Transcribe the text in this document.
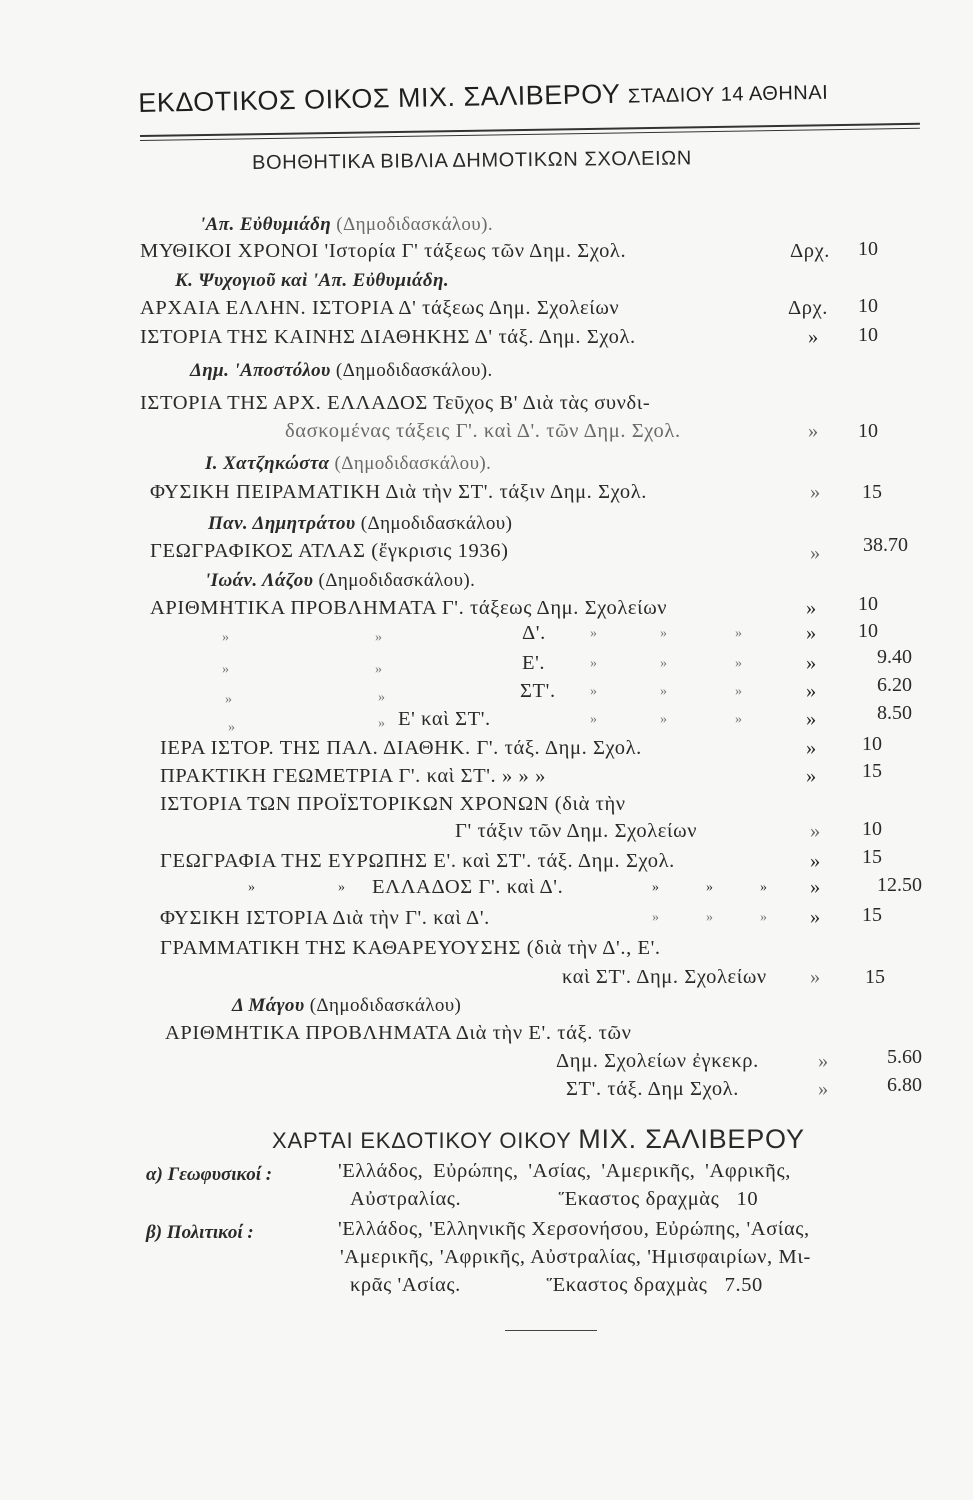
ΕΚΔΟΤΙΚΟΣ ΟΙΚΟΣ ΜΙΧ. ΣΑΛΙΒΕΡΟΥ ΣΤΑΔΙΟΥ 14 ΑΘΗΝΑΙ
ΒΟΗΘΗΤΙΚΑ ΒΙΒΛΙΑ ΔΗΜΟΤΙΚΩΝ ΣΧΟΛΕΙΩΝ
'Απ. Εὐθυμιάδη (Δημοδιδασκάλου).
ΜΥΘΙΚΟΙ ΧΡΟΝΟΙ 'Ιστορία Γ' τάξεως τῶν Δημ. Σχολ.	Δρχ.	10
Κ. Ψυχογιοῦ καὶ 'Απ. Εὐθυμιάδη.
ΑΡΧΑΙΑ ΕΛΛΗΝ. ΙΣΤΟΡΙΑ Δ' τάξεως Δημ. Σχολείων	Δρχ.	10
ΙΣΤΟΡΙΑ ΤΗΣ ΚΑΙΝΗΣ ΔΙΑΘΗΚΗΣ Δ' τάξ. Δημ. Σχολ.	»	10
Δημ. 'Αποστόλου (Δημοδιδασκάλου).
ΙΣΤΟΡΙΑ ΤΗΣ ΑΡΧ. ΕΛΛΑΔΟΣ Τεῦχος Β' Διὰ τὰς συνδι-
δασκομένας τάξεις Γ'. καὶ Δ'. τῶν Δημ. Σχολ.	»	10
Ι. Χατζηκώστα (Δημοδιδασκάλου).
ΦΥΣΙΚΗ ΠΕΙΡΑΜΑΤΙΚΗ Διὰ τὴν ΣΤ'. τάξιν Δημ. Σχολ.	»	15
Παν. Δημητράτου (Δημοδιδασκάλου)
ΓΕΩΓΡΑΦΙΚΟΣ ΑΤΛΑΣ (ἔγκρισις 1936)	»	38.70
'Ιωάν. Λάζου (Δημοδιδασκάλου).
ΑΡΙΘΜΗΤΙΚΑ ΠΡΟΒΛΗΜΑΤΑ Γ'. τάξεως Δημ. Σχολείων	»	10
»	»	Δ'.	»	»	»	»	10
»	»	Ε'.	»	»	»	»	9.40
»	»	ΣΤ'. »	»	»	»	6.20
»	» Ε' καὶ ΣΤ'.	»	»	»	»	8.50
ΙΕΡΑ ΙΣΤΟΡ. ΤΗΣ ΠΑΛ. ΔΙΑΘΗΚ. Γ'. τάξ. Δημ. Σχολ.	»	10
ΠΡΑΚΤΙΚΗ ΓΕΩΜΕΤΡΙΑ Γ'. καὶ ΣΤ'. » » »	»	15
ΙΣΤΟΡΙΑ ΤΩΝ ΠΡΟΪΣΤΟΡΙΚΩΝ ΧΡΟΝΩΝ (διὰ τὴν
Γ' τάξιν τῶν Δημ. Σχολείων	»	10
ΓΕΩΓΡΑΦΙΑ ΤΗΣ ΕΥΡΩΠΗΣ Ε'. καὶ ΣΤ'. τάξ. Δημ. Σχολ.	»	15
»	» ΕΛΛΑΔΟΣ Γ'. καὶ Δ'.	»	»	» »	12.50
ΦΥΣΙΚΗ ΙΣΤΟΡΙΑ Διὰ τὴν Γ'. καὶ Δ'.	»	»	» »	15
ΓΡΑΜΜΑΤΙΚΗ ΤΗΣ ΚΑΘΑΡΕΥΟΥΣΗΣ (διὰ τὴν Δ'., Ε'.
καὶ ΣΤ'. Δημ. Σχολείων »	15
Δ Μάγου (Δημοδιδασκάλου)
ΑΡΙΘΜΗΤΙΚΑ ΠΡΟΒΛΗΜΑΤΑ Διὰ τὴν Ε'. τάξ. τῶν
Δημ. Σχολείων ἐγκεκρ.	»	5.60
ΣΤ'. τάξ. Δημ Σχολ.	»	6.80
ΧΑΡΤΑΙ ΕΚΔΟΤΙΚΟΥ ΟΙΚΟΥ ΜΙΧ. ΣΑΛΙΒΕΡΟΥ
α) Γεωφυσικοί :	'Ελλάδος, Εὐρώπης, 'Ασίας, 'Αμερικῆς, 'Αφρικῆς,
Αὐστραλίας.                 Ἕκαστος δραχμὰς   10
β) Πολιτικοί :	'Ελλάδος, 'Ελληνικῆς Χερσονήσου, Εὐρώπης, 'Ασίας,
'Αμερικῆς, 'Αφρικῆς, Αὐστραλίας, 'Ημισφαιρίων, Μι-
κρᾶς 'Ασίας.               Ἕκαστος δραχμὰς   7.50
